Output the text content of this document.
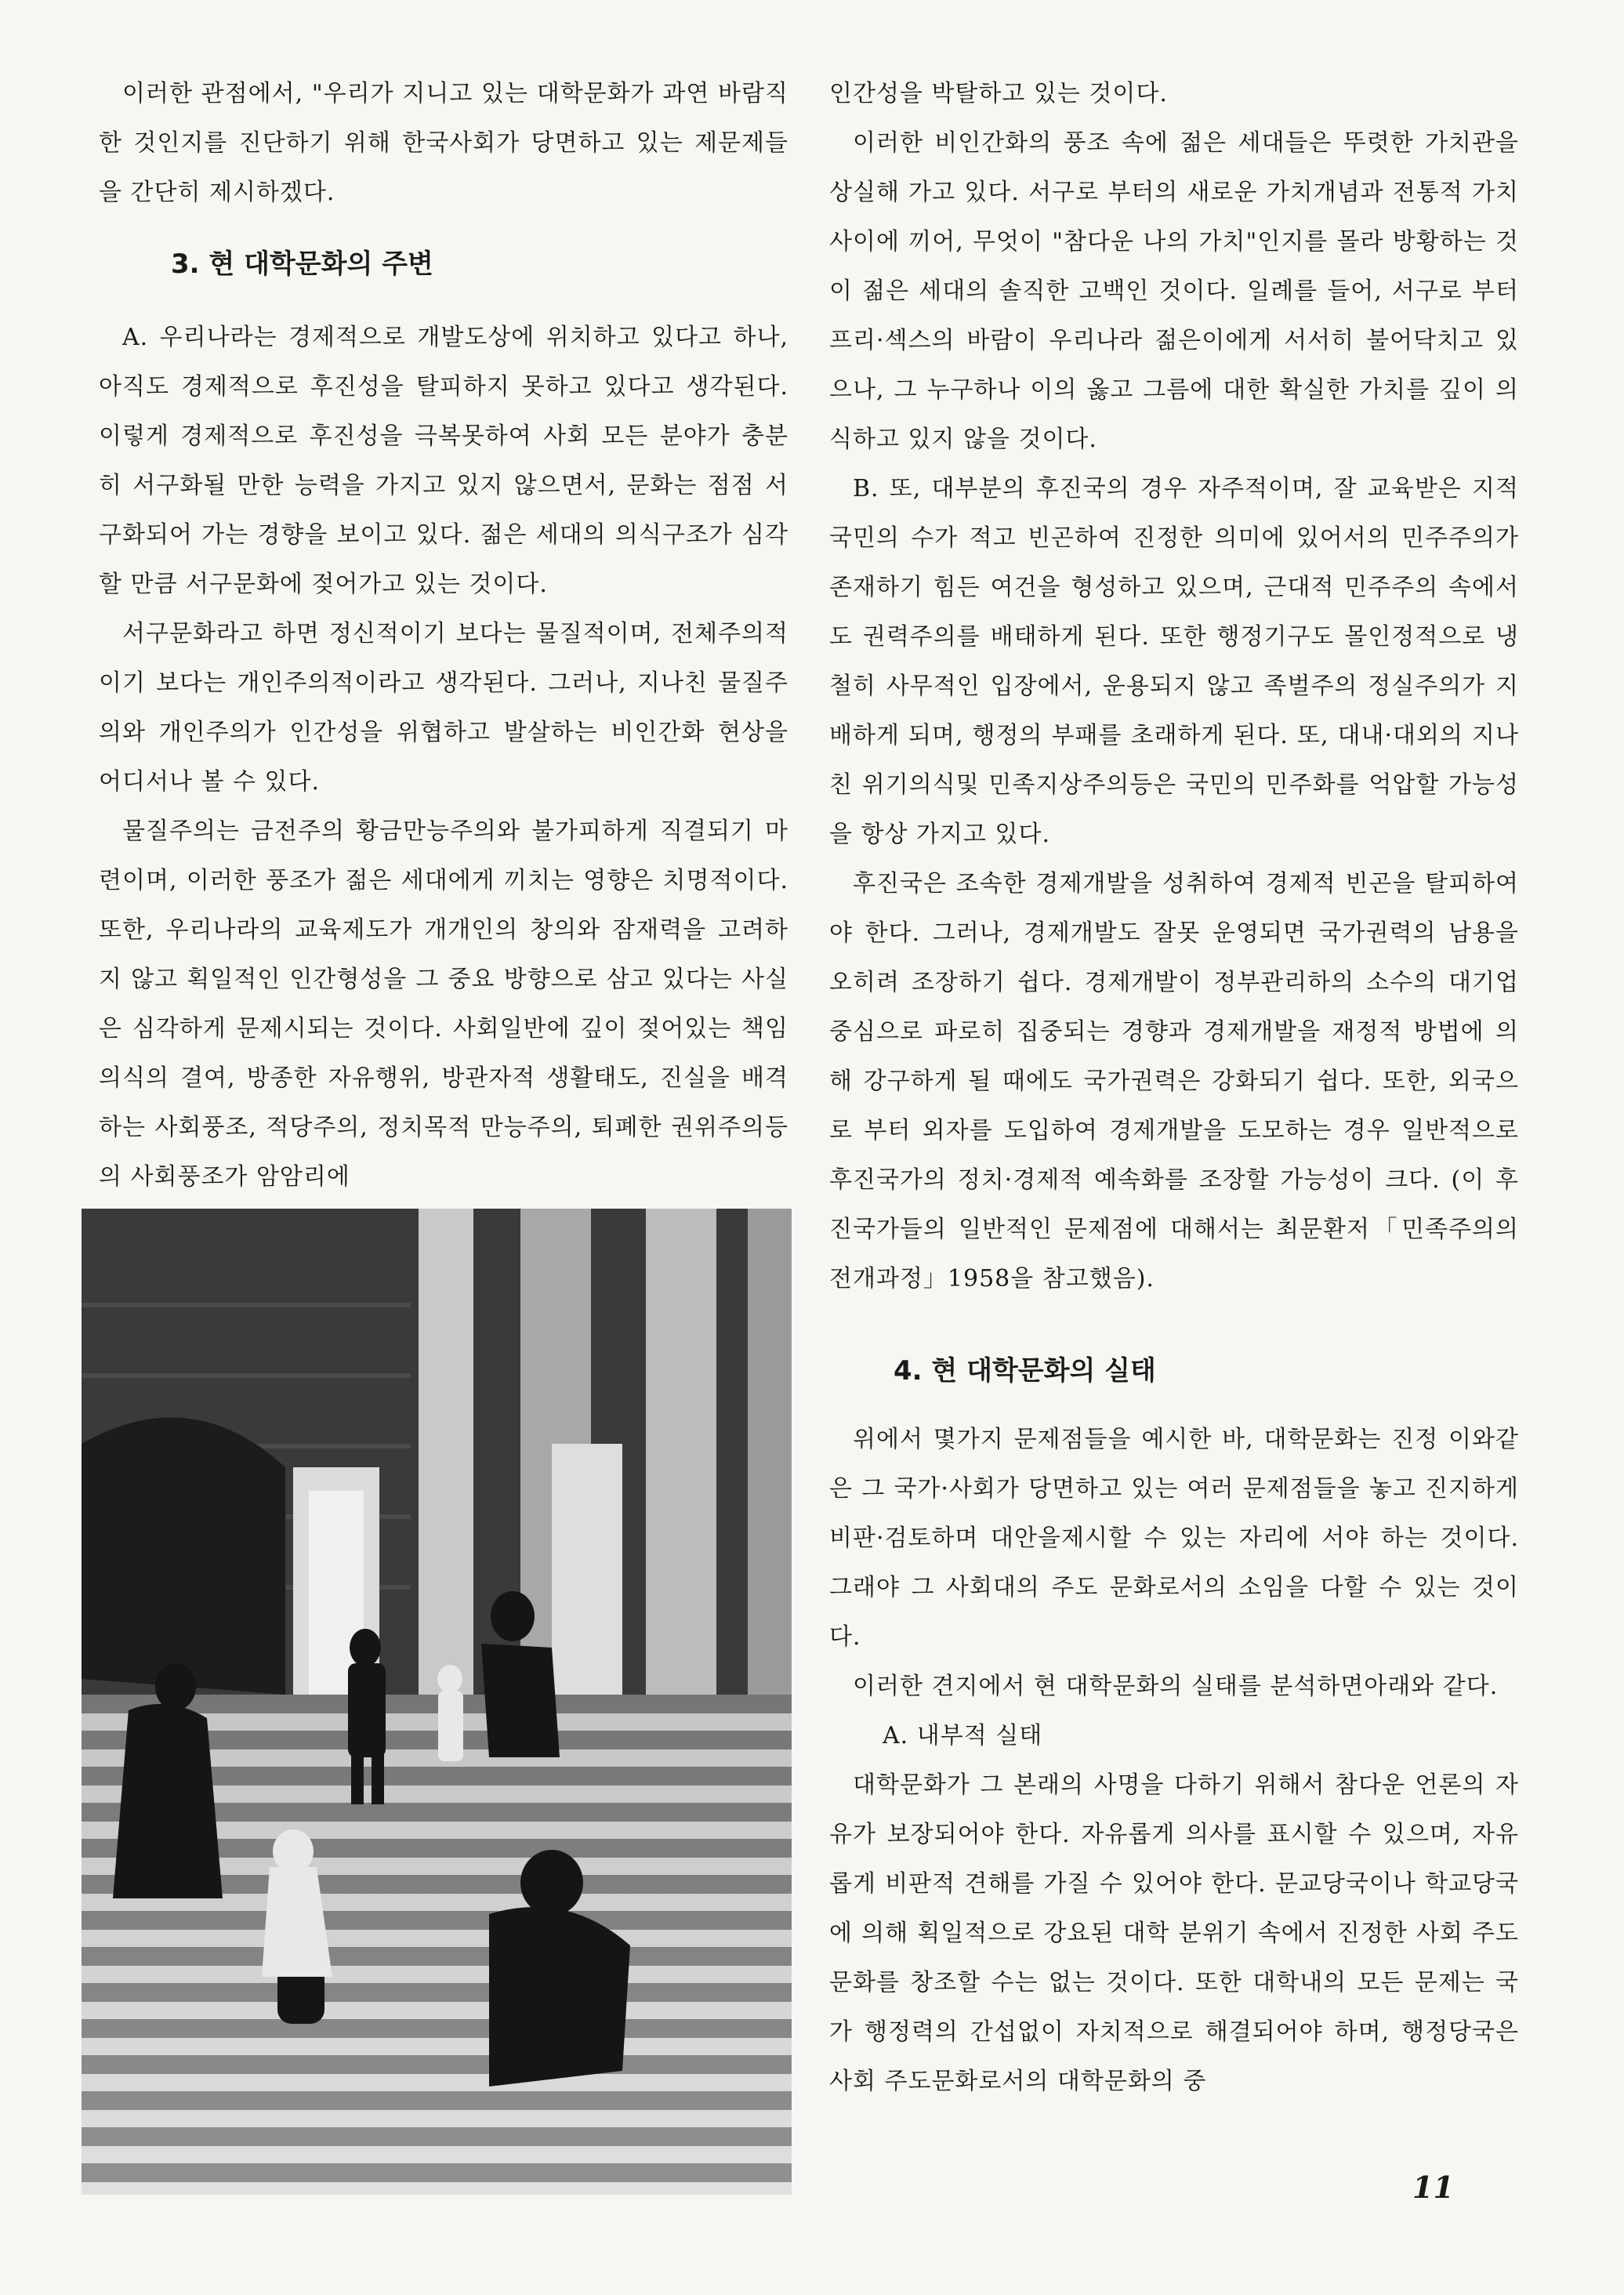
이러한 관점에서, "우리가 지니고 있는 대학문화가 과연 바람직한 것인지를 진단하기 위해 한국사회가 당면하고 있는 제문제들을 간단히 제시하겠다.

3. 현 대학문화의 주변

A. 우리나라는 경제적으로 개발도상에 위치하고 있다고 하나, 아직도 경제적으로 후진성을 탈피하지 못하고 있다고 생각된다. 이렇게 경제적으로 후진성을 극복못하여 사회 모든 분야가 충분히 서구화될 만한 능력을 가지고 있지 않으면서, 문화는 점점 서구화되어 가는 경향을 보이고 있다. 젊은 세대의 의식구조가 심각할 만큼 서구문화에 젖어가고 있는 것이다.

서구문화라고 하면 정신적이기 보다는 물질적이며, 전체주의적이기 보다는 개인주의적이라고 생각된다. 그러나, 지나친 물질주의와 개인주의가 인간성을 위협하고 발살하는 비인간화 현상을 어디서나 볼 수 있다.

물질주의는 금전주의 황금만능주의와 불가피하게 직결되기 마련이며, 이러한 풍조가 젊은 세대에게 끼치는 영향은 치명적이다. 또한, 우리나라의 교육제도가 개개인의 창의와 잠재력을 고려하지 않고 획일적인 인간형성을 그 중요 방향으로 삼고 있다는 사실은 심각하게 문제시되는 것이다. 사회일반에 깊이 젖어있는 책임의식의 결여, 방종한 자유행위, 방관자적 생활태도, 진실을 배격하는 사회풍조, 적당주의, 정치목적 만능주의, 퇴폐한 권위주의등의 사회풍조가 암암리에

인간성을 박탈하고 있는 것이다.

이러한 비인간화의 풍조 속에 젊은 세대들은 뚜렷한 가치관을 상실해 가고 있다. 서구로 부터의 새로운 가치개념과 전통적 가치 사이에 끼어, 무엇이 "참다운 나의 가치"인지를 몰라 방황하는 것이 젊은 세대의 솔직한 고백인 것이다. 일례를 들어, 서구로 부터 프리·섹스의 바람이 우리나라 젊은이에게 서서히 불어닥치고 있으나, 그 누구하나 이의 옳고 그름에 대한 확실한 가치를 깊이 의식하고 있지 않을 것이다.

B. 또, 대부분의 후진국의 경우 자주적이며, 잘 교육받은 지적 국민의 수가 적고 빈곤하여 진정한 의미에 있어서의 민주주의가 존재하기 힘든 여건을 형성하고 있으며, 근대적 민주주의 속에서도 권력주의를 배태하게 된다. 또한 행정기구도 몰인정적으로 냉철히 사무적인 입장에서, 운용되지 않고 족벌주의 정실주의가 지배하게 되며, 행정의 부패를 초래하게 된다. 또, 대내·대외의 지나친 위기의식및 민족지상주의등은 국민의 민주화를 억압할 가능성을 항상 가지고 있다.

후진국은 조속한 경제개발을 성취하여 경제적 빈곤을 탈피하여야 한다. 그러나, 경제개발도 잘못 운영되면 국가권력의 남용을 오히려 조장하기 쉽다. 경제개발이 정부관리하의 소수의 대기업 중심으로 파로히 집중되는 경향과 경제개발을 재정적 방법에 의해 강구하게 될 때에도 국가권력은 강화되기 쉽다. 또한, 외국으로 부터 외자를 도입하여 경제개발을 도모하는 경우 일반적으로 후진국가의 정치·경제적 예속화를 조장할 가능성이 크다. (이 후진국가들의 일반적인 문제점에 대해서는 최문환저「민족주의의 전개과정」1958을 참고했음).

4. 현 대학문화의 실태

위에서 몇가지 문제점들을 예시한 바, 대학문화는 진정 이와같은 그 국가·사회가 당면하고 있는 여러 문제점들을 놓고 진지하게 비판·검토하며 대안을제시할 수 있는 자리에 서야 하는 것이다. 그래야 그 사회대의 주도 문화로서의 소임을 다할 수 있는 것이다.

이러한 견지에서 현 대학문화의 실태를 분석하면아래와 같다.

A. 내부적 실태

대학문화가 그 본래의 사명을 다하기 위해서 참다운 언론의 자유가 보장되어야 한다. 자유롭게 의사를 표시할 수 있으며, 자유롭게 비판적 견해를 가질 수 있어야 한다. 문교당국이나 학교당국에 의해 획일적으로 강요된 대학 분위기 속에서 진정한 사회 주도 문화를 창조할 수는 없는 것이다. 또한 대학내의 모든 문제는 국가 행정력의 간섭없이 자치적으로 해결되어야 하며, 행정당국은 사회 주도문화로서의 대학문화의 중

11
